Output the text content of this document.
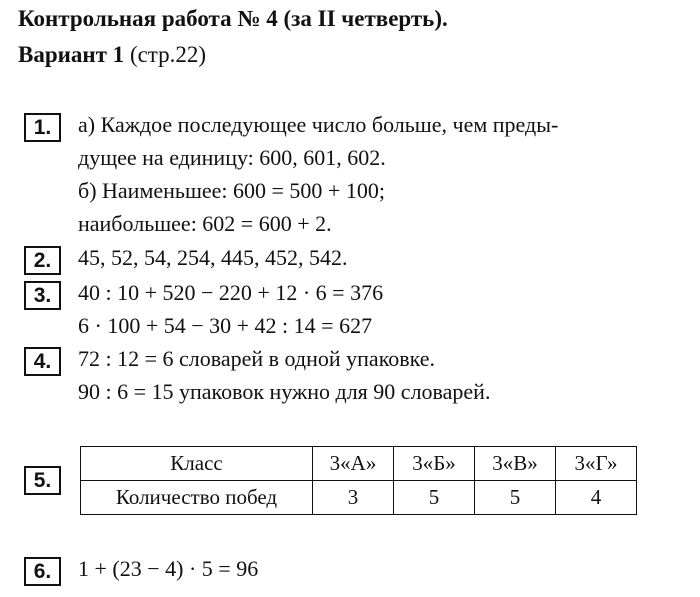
Контрольная работа № 4 (за II четверть).
Вариант 1 (стр.22)
1.	а) Каждое последующее число больше, чем преды-
дущее на единицу: 600, 601, 602.
б) Наименьшее: 600 = 500 + 100;
наибольшее: 602 = 600 + 2.
2.	45, 52, 54, 254, 445, 452, 542.
3.	40 : 10 + 520 − 220 + 12 · 6 = 376
6 · 100 + 54 − 30 + 42 : 14 = 627
4.	72 : 12 = 6 словарей в одной упаковке.
90 : 6 = 15 упаковок нужно для 90 словарей.
5.
Класс	3«А»	3«Б»	3«В»	3«Г»
Количество побед	3	5	5	4
6.	1 + (23 − 4) · 5 = 96
